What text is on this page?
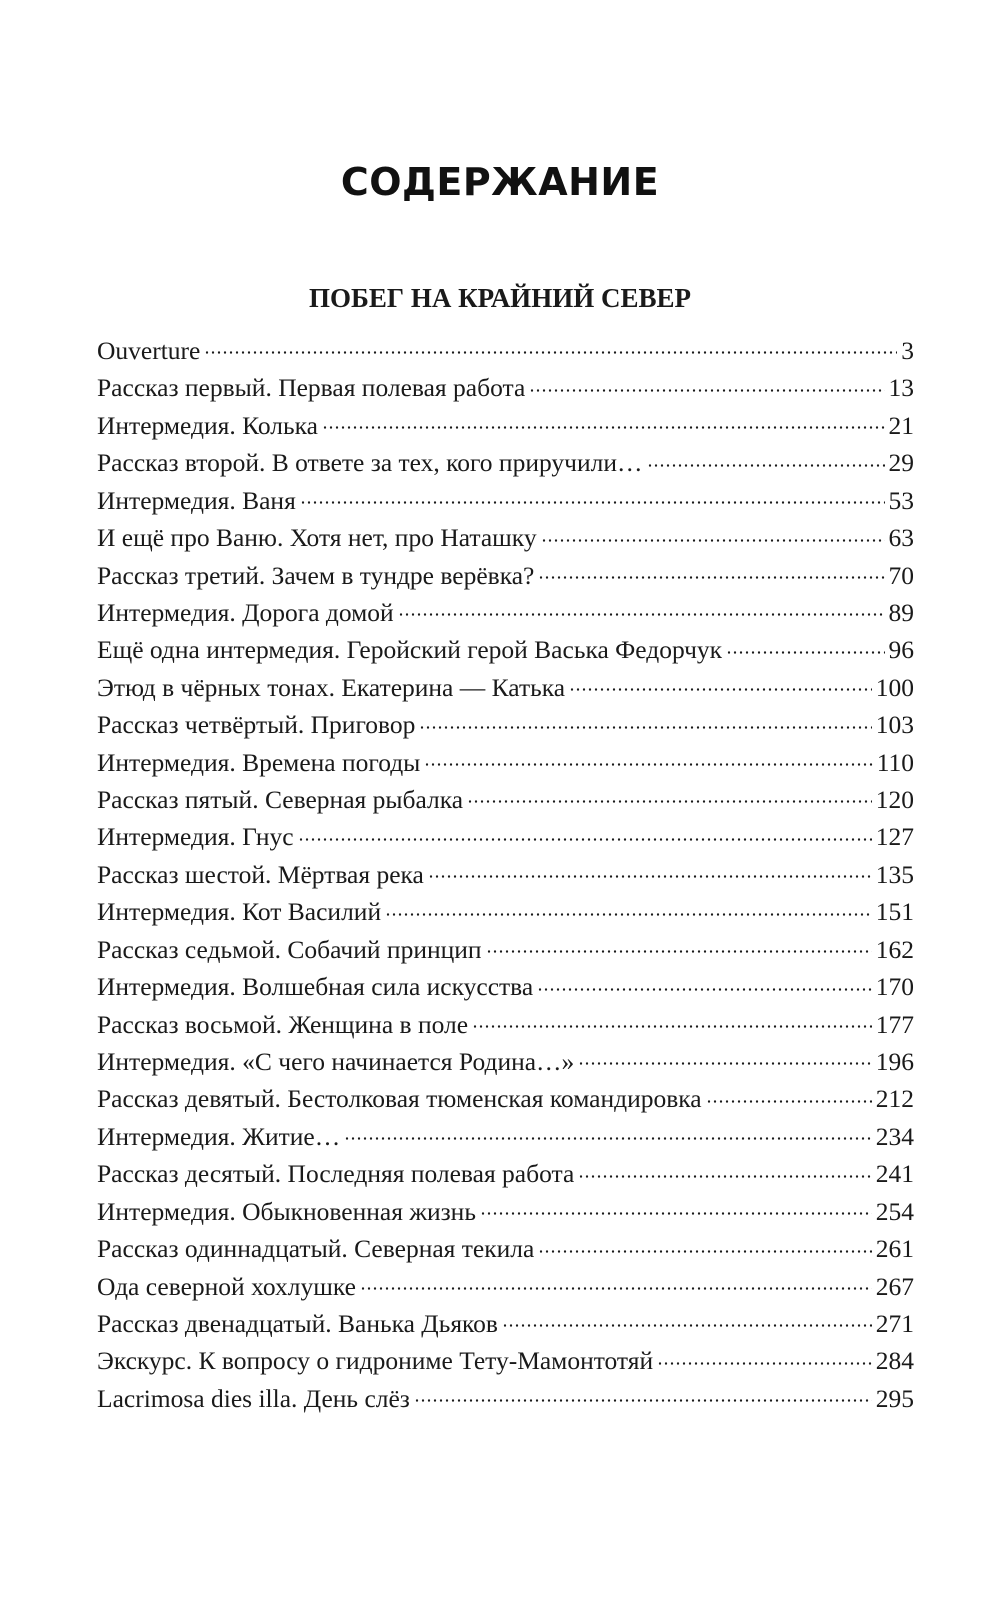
СОДЕРЖАНИЕ
ПОБЕГ НА КРАЙНИЙ СЕВЕР
Ouverture	3
Рассказ первый. Первая полевая работа	13
Интермедия. Колька	21
Рассказ второй. В ответе за тех, кого приручили…	29
Интермедия. Ваня	53
И ещё про Ваню. Хотя нет, про Наташку	63
Рассказ третий. Зачем в тундре верёвка?	70
Интермедия. Дорога домой	89
Ещё одна интермедия. Геройский герой Васька Федорчук	96
Этюд в чёрных тонах. Екатерина — Катька	100
Рассказ четвёртый. Приговор	103
Интермедия. Времена погоды	110
Рассказ пятый. Северная рыбалка	120
Интермедия. Гнус	127
Рассказ шестой. Мёртвая река	135
Интермедия. Кот Василий	151
Рассказ седьмой. Собачий принцип	162
Интермедия. Волшебная сила искусства	170
Рассказ восьмой. Женщина в поле	177
Интермедия. «С чего начинается Родина…»	196
Рассказ девятый. Бестолковая тюменская командировка	212
Интермедия. Житие…	234
Рассказ десятый. Последняя полевая работа	241
Интермедия. Обыкновенная жизнь	254
Рассказ одиннадцатый. Северная текила	261
Ода северной хохлушке	267
Рассказ двенадцатый. Ванька Дьяков	271
Экскурс. К вопросу о гидрониме Тету-Мамонтотяй	284
Lacrimosa dies illa. День слёз	295
